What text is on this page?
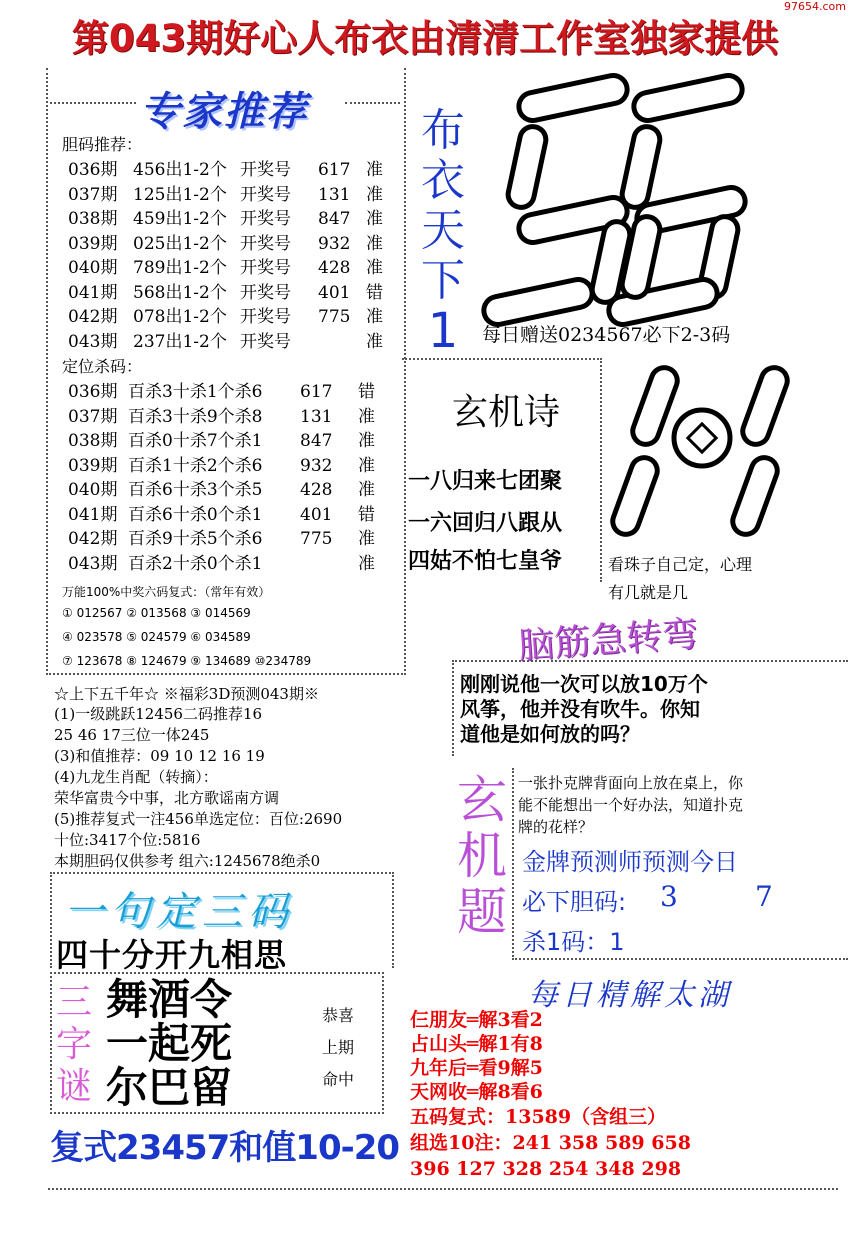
97654.com
第043期好心人布衣由清清工作室独家提供
专家推荐
胆码推荐：
036期 456出1-2个 开奖号 617 准
037期 125出1-2个 开奖号 131 准
038期 459出1-2个 开奖号 847 准
039期 025出1-2个 开奖号 932 准
040期 789出1-2个 开奖号 428 准
041期 568出1-2个 开奖号 401 错
042期 078出1-2个 开奖号 775 准
043期 237出1-2个 开奖号	准
定位杀码：
036期 百杀3十杀1个杀6 617 错
037期 百杀3十杀9个杀8 131 准
038期 百杀0十杀7个杀1 847 准
039期 百杀1十杀2个杀6 932 准
040期 百杀6十杀3个杀5 428 准
041期 百杀6十杀0个杀1 401 错
042期 百杀9十杀5个杀6 775 准
043期 百杀2十杀0个杀1	准
万能100%中奖六码复式：（常年有效）
① 012567 ② 013568 ③ 014569
④ 023578 ⑤ 024579 ⑥ 034589
⑦ 123678 ⑧ 124679 ⑨ 134689 ⑩234789
布
衣
天
下
1	每日赠送0234567必下2-3码
玄机诗
一八归来七团聚
一六回归八跟从
四姑不怕七皇爷	看珠子自己定，心理
有几就是几
脑筋急转弯
刚刚说他一次可以放10万个
风筝，他并没有吹牛。你知
道他是如何放的吗？
☆上下五千年☆ ※福彩3D预测043期※
(1)一级跳跃12456二码推荐16
25 46 17三位一体245
(3)和值推荐：09 10 12 16 19
(4)九龙生肖配（转摘）：
荣华富贵今中事，北方歌谣南方调
(5)推荐复式一注456单选定位：百位:2690
十位:3417个位:5816
本期胆码仅供参考 组六:1245678绝杀0
玄
机
题
一张扑克牌背面向上放在桌上，你
能不能想出一个好办法，知道扑克
牌的花样？
金牌预测师预测今日
必下胆码: 3	7
杀1码：1
一句定三码
四十分开九相思
三
字
谜
舞酒令
一起死
尔巴留
恭喜
上期
命中
复式23457和值10-20
每日精解太湖
仨朋友═解3看2
占山头═解1有8
九年后═看9解5
天网收═解8看6
五码复式：13589（含组三）
组选10注：241 358 589 658
396 127 328 254 348 298
